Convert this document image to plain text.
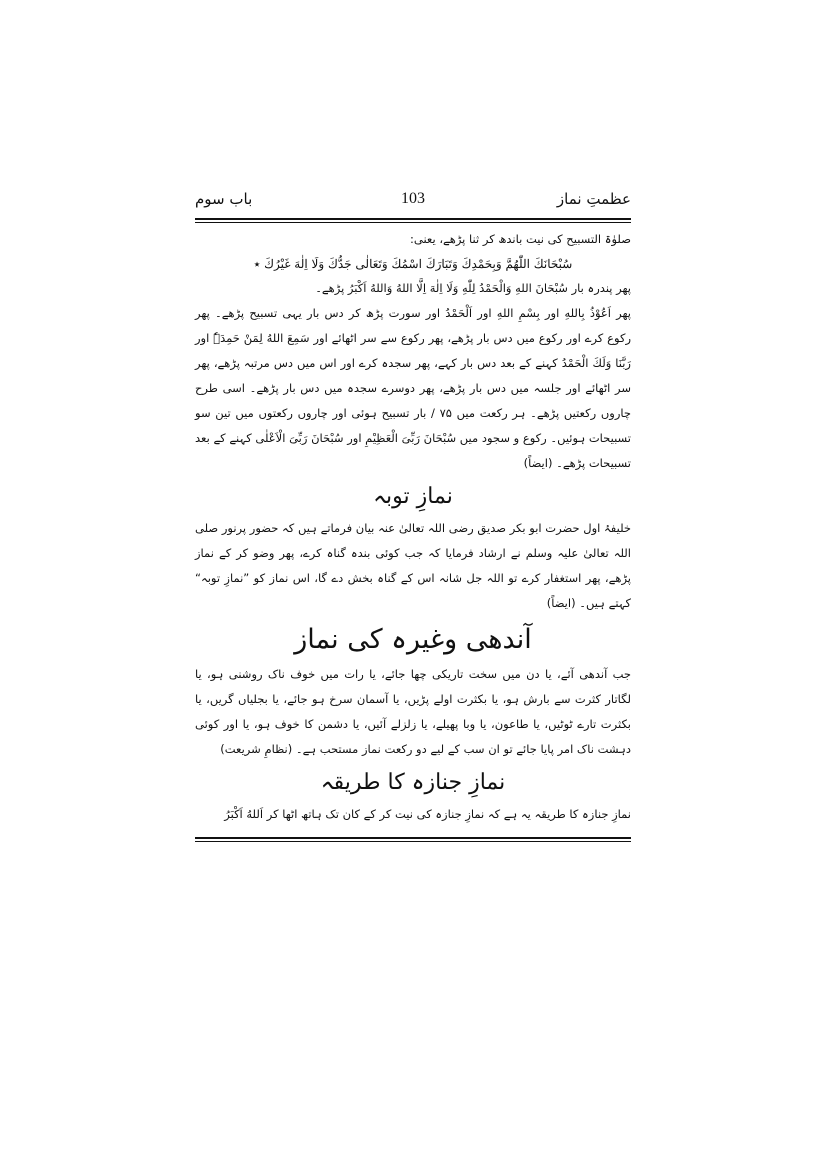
عظمتِ نماز
103
باب سوم

صلوٰۃ التسبیح کی نیت باندھ کر ثنا پڑھے، یعنی:

سُبْحَانَكَ اللّٰهُمَّ وَبِحَمْدِكَ وَتَبَارَكَ اسْمُكَ وَتَعَالٰى جَدُّكَ وَلَا اِلٰهَ غَيْرُكَ ٭

پھر پندرہ بار سُبْحَانَ اللهِ وَالْحَمْدُ لِلّٰهِ وَلَا اِلٰهَ اِلَّا اللهُ وَاللهُ اَكْبَرُ پڑھے۔

پھر اَعُوْذُ بِاللهِ اور بِسْمِ اللهِ اور اَلْحَمْدُ اور سورت پڑھ کر دس بار یہی تسبیح پڑھے۔ پھر رکوع کرے اور رکوع میں دس بار پڑھے، پھر رکوع سے سر اٹھائے اور سَمِعَ اللهُ لِمَنْ حَمِدَہٗ اور رَبَّنَا وَلَكَ الْحَمْدُ کہنے کے بعد دس بار کہے، پھر سجدہ کرے اور اس میں دس مرتبہ پڑھے، پھر سر اٹھائے اور جلسہ میں دس بار پڑھے، پھر دوسرے سجدہ میں دس بار پڑھے۔ اسی طرح چاروں رکعتیں پڑھے۔ ہر رکعت میں ۷۵ / بار تسبیح ہوئی اور چاروں رکعتوں میں تین سو تسبیحات ہوئیں۔ رکوع و سجود میں سُبْحَانَ رَبِّیَ الْعَظِیْمِ اور سُبْحَانَ رَبِّیَ الْاَعْلٰی کہنے کے بعد تسبیحات پڑھے۔ (ایضاً)

نمازِ توبہ

خلیفۂ اول حضرت ابو بکر صدیق رضی اللہ تعالیٰ عنہ بیان فرماتے ہیں کہ حضور پرنور صلی اللہ تعالیٰ علیہ وسلم نے ارشاد فرمایا کہ جب کوئی بندہ گناہ کرے، پھر وضو کر کے نماز پڑھے، پھر استغفار کرے تو اللہ جل شانہ اس کے گناہ بخش دے گا، اس نماز کو ”نمازِ توبہ“ کہتے ہیں۔ (ایضاً)

آندھی وغیرہ کی نماز

جب آندھی آئے، یا دن میں سخت تاریکی چھا جائے، یا رات میں خوف ناک روشنی ہو، یا لگاتار کثرت سے بارش ہو، یا بکثرت اولے پڑیں، یا آسمان سرخ ہو جائے، یا بجلیاں گریں، یا بکثرت تارے ٹوٹیں، یا طاعون، یا وبا پھیلے، یا زلزلے آئیں، یا دشمن کا خوف ہو، یا اور کوئی دہشت ناک امر پایا جائے تو ان سب کے لیے دو رکعت نماز مستحب ہے۔ (نظامِ شریعت)

نمازِ جنازہ کا طریقہ

نمازِ جنازہ کا طریقہ یہ ہے کہ نمازِ جنازہ کی نیت کر کے کان تک ہاتھ اٹھا کر اَللهُ اَكْبَرُ
